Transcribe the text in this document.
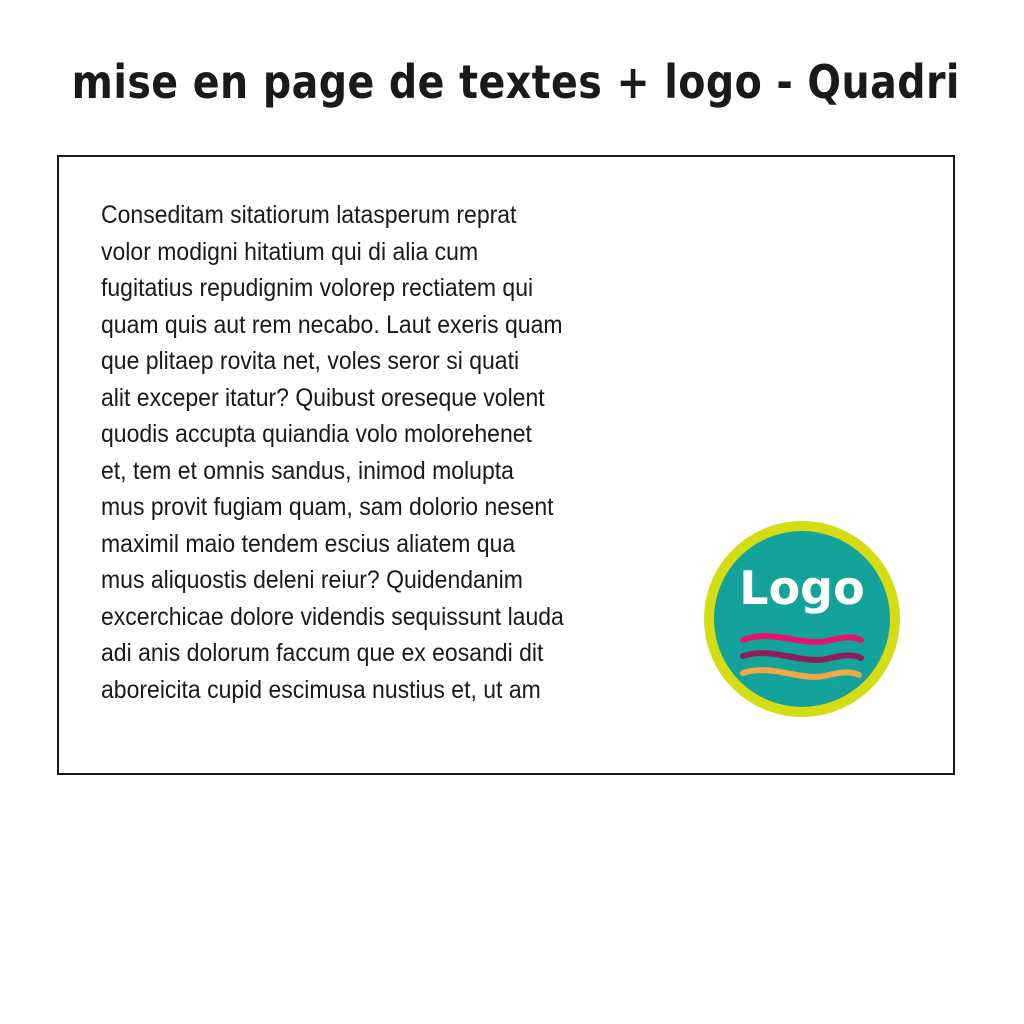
mise en page de textes + logo - Quadri
Conseditam sitatiorum latasperum reprat
volor modigni hitatium qui di alia cum
fugitatius repudignim volorep rectiatem qui
quam quis aut rem necabo. Laut exeris quam
que plitaep rovita net, voles seror si quati
alit exceper itatur? Quibust oreseque volent
quodis accupta quiandia volo molorehenet
et, tem et omnis sandus, inimod molupta
mus provit fugiam quam, sam dolorio nesent
maximil maio tendem escius aliatem qua
mus aliquostis deleni reiur? Quidendanim
excerchicae dolore videndis sequissunt lauda
adi anis dolorum faccum que ex eosandi dit
aboreicita cupid escimusa nustius et, ut am
Logo
